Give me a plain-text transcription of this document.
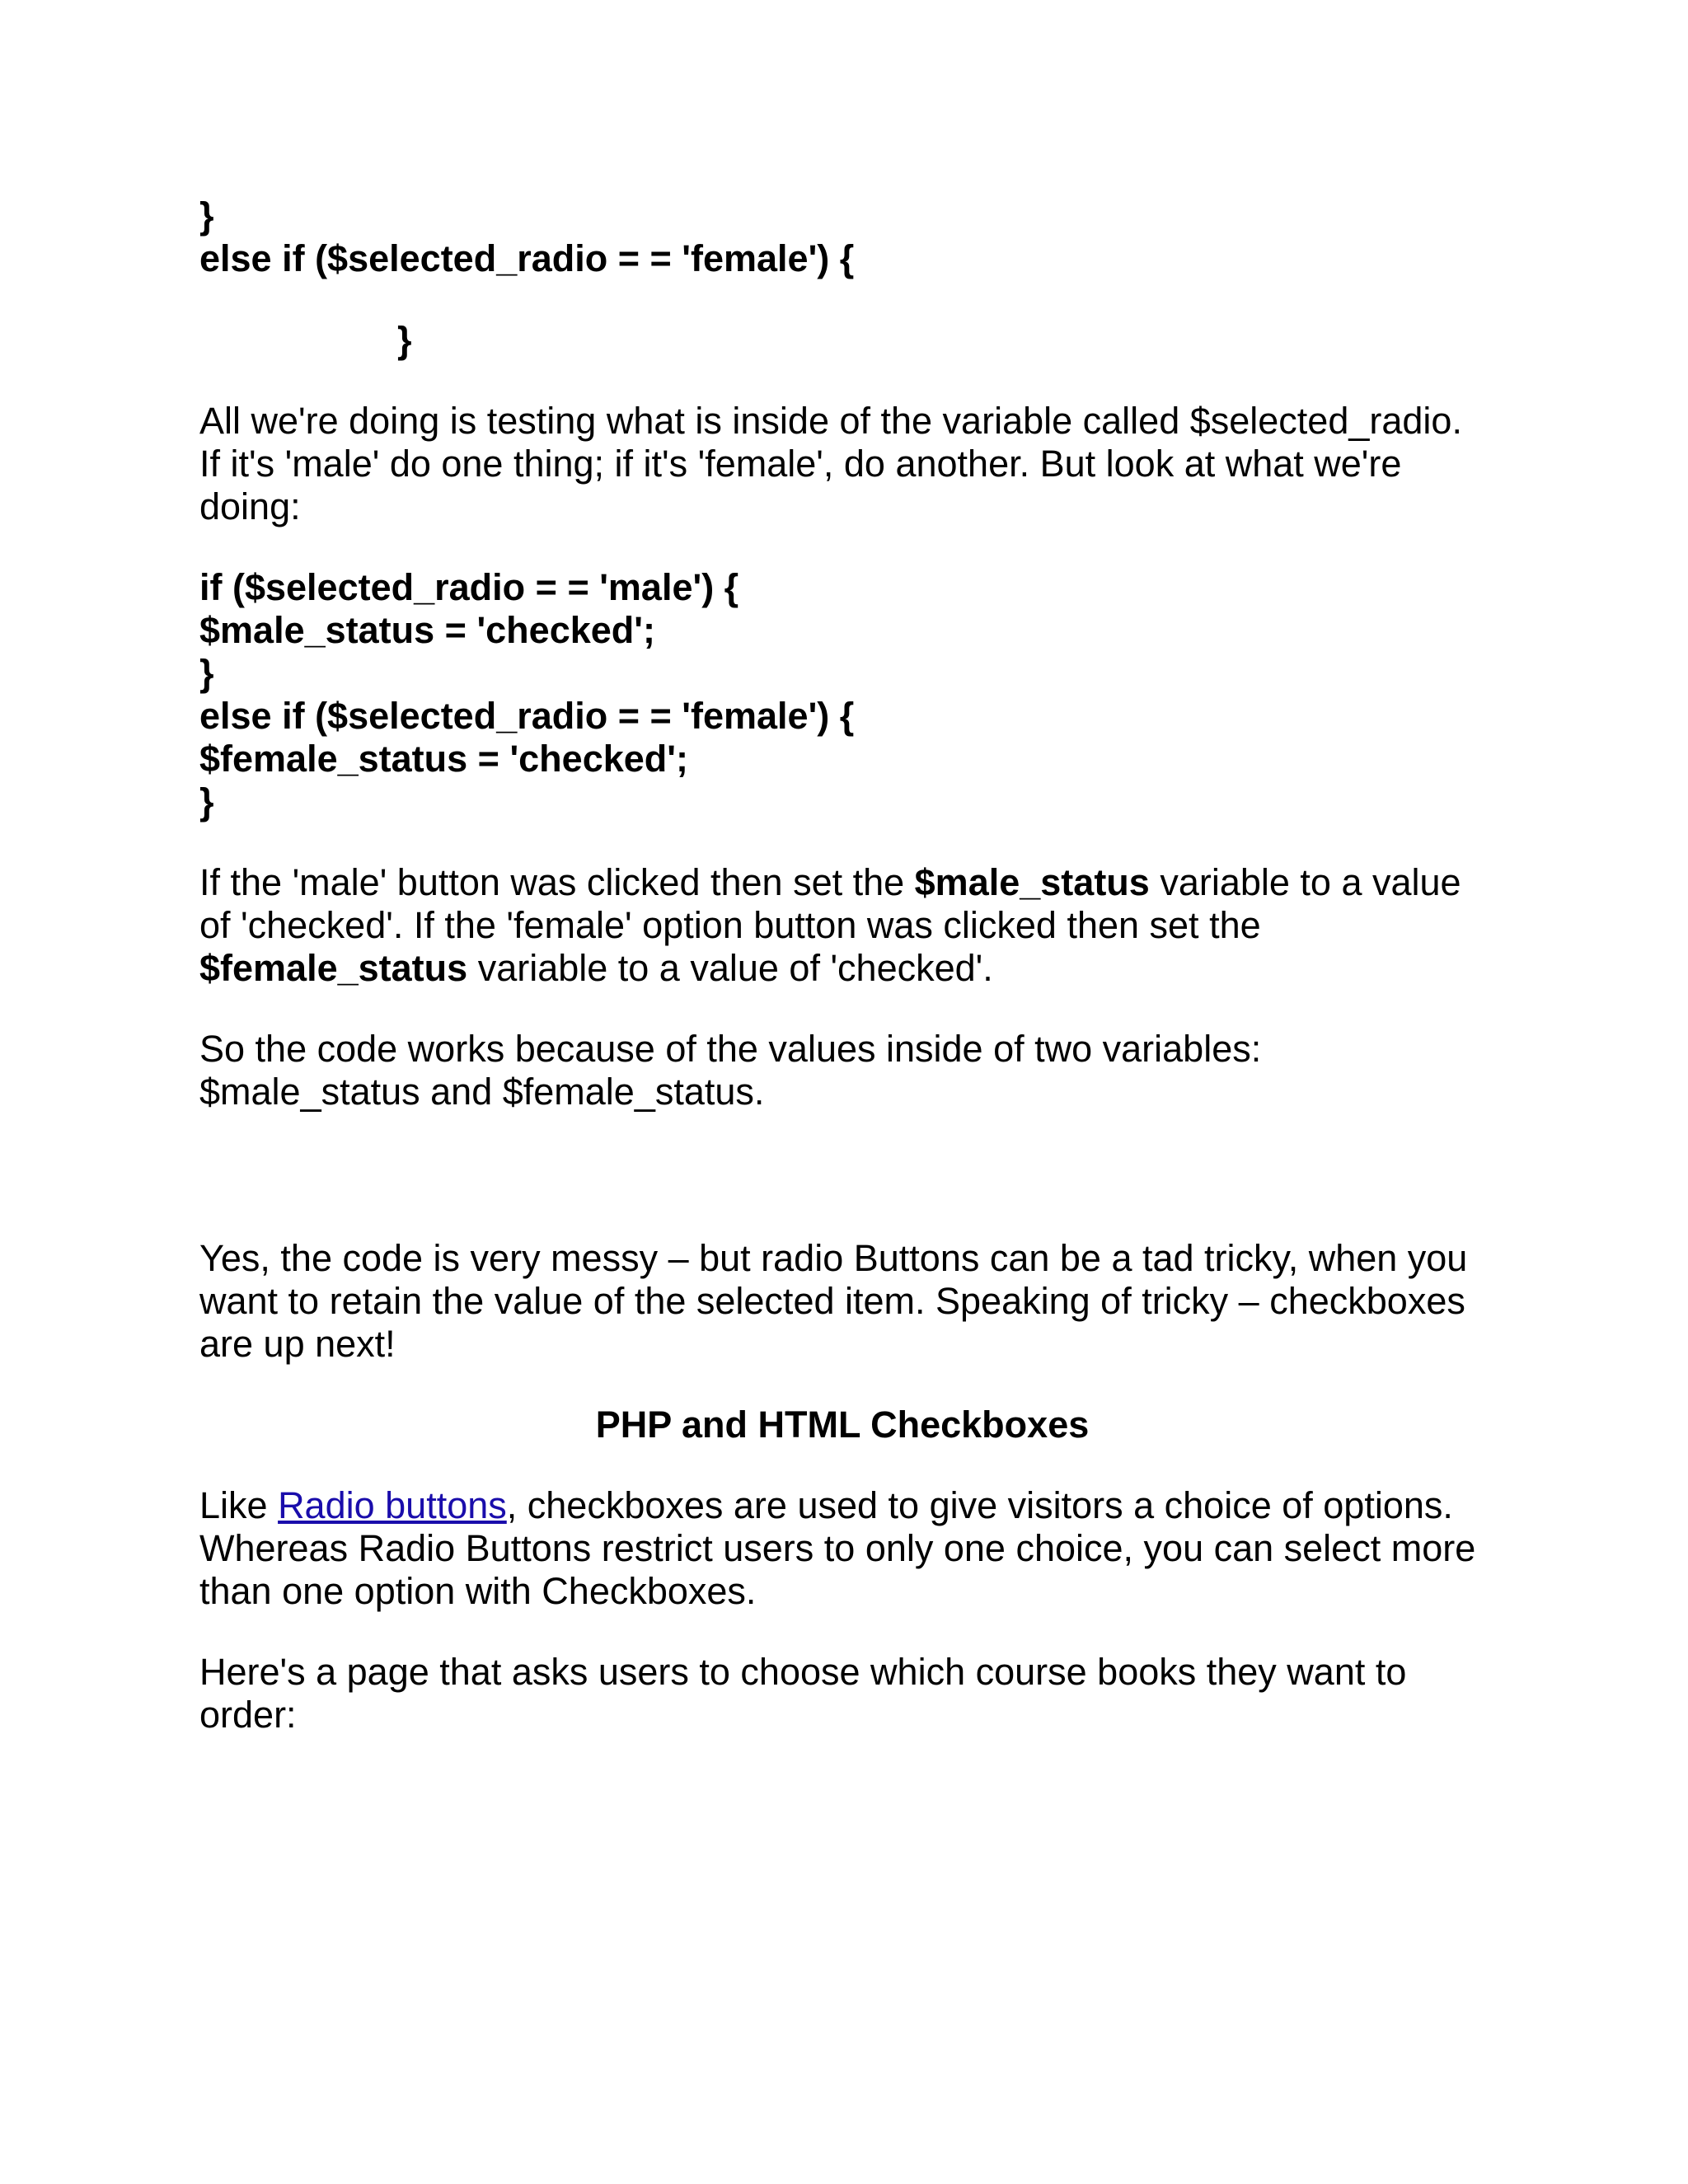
}
else if ($selected_radio = = 'female') {
}

All we're doing is testing what is inside of the variable called $selected_radio. If it's 'male' do one thing; if it's 'female', do another. But look at what we're doing:

if ($selected_radio = = 'male') {
$male_status = 'checked';
}
else if ($selected_radio = = 'female') {
$female_status = 'checked';
}

If the 'male' button was clicked then set the $male_status variable to a value of 'checked'. If the 'female' option button was clicked then set the $female_status variable to a value of 'checked'.

So the code works because of the values inside of two variables: $male_status and $female_status.

Yes, the code is very messy – but radio Buttons can be a tad tricky, when you want to retain the value of the selected item. Speaking of tricky – checkboxes are up next!

PHP and HTML Checkboxes

Like Radio buttons, checkboxes are used to give visitors a choice of options. Whereas Radio Buttons restrict users to only one choice, you can select more than one option with Checkboxes.

Here's a page that asks users to choose which course books they want to order:
